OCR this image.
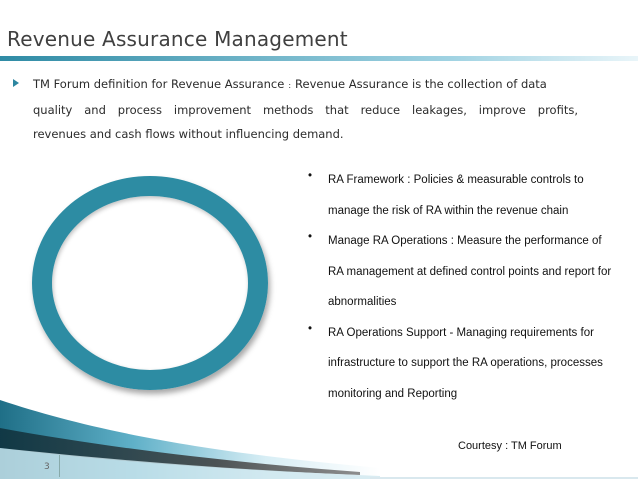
Revenue Assurance Management

TM Forum definition for Revenue Assurance : Revenue Assurance is the collection of data

quality and process improvement methods that reduce leakages, improve profits,

revenues and cash flows without influencing demand.

• RA Framework : Policies & measurable controls to
manage the risk of RA within the revenue chain
• Manage RA Operations : Measure the performance of
RA management at defined control points and report for
abnormalities
• RA Operations Support - Managing requirements for
infrastructure to support the RA operations, processes
monitoring and Reporting
Courtesy : TM Forum
3
